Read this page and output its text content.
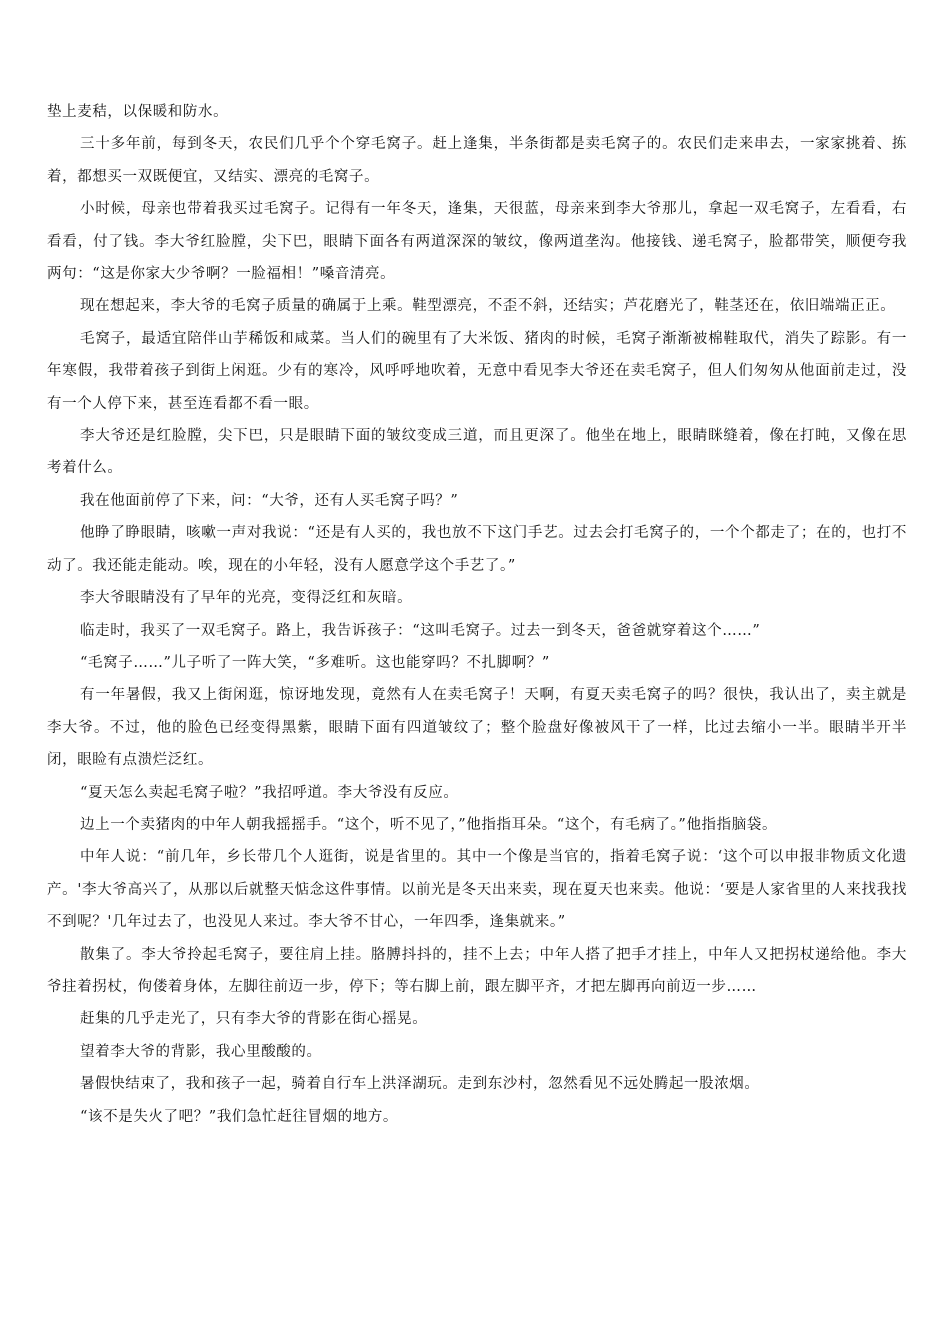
垫上麦秸，以保暖和防水。

三十多年前，每到冬天，农民们几乎个个穿毛窝子。赶上逢集，半条街都是卖毛窝子的。农民们走来串去，一家家挑着、拣着，都想买一双既便宜，又结实、漂亮的毛窝子。

小时候，母亲也带着我买过毛窝子。记得有一年冬天，逢集，天很蓝，母亲来到李大爷那儿，拿起一双毛窝子，左看看，右看看，付了钱。李大爷红脸膛，尖下巴，眼睛下面各有两道深深的皱纹，像两道垄沟。他接钱、递毛窝子，脸都带笑，顺便夸我两句：“这是你家大少爷啊？一脸福相！”嗓音清亮。

现在想起来，李大爷的毛窝子质量的确属于上乘。鞋型漂亮，不歪不斜，还结实；芦花磨光了，鞋茎还在，依旧端端正正。

毛窝子，最适宜陪伴山芋稀饭和咸菜。当人们的碗里有了大米饭、猪肉的时候，毛窝子渐渐被棉鞋取代，消失了踪影。有一年寒假，我带着孩子到街上闲逛。少有的寒冷，风呼呼地吹着，无意中看见李大爷还在卖毛窝子，但人们匆匆从他面前走过，没有一个人停下来，甚至连看都不看一眼。

李大爷还是红脸膛，尖下巴，只是眼睛下面的皱纹变成三道，而且更深了。他坐在地上，眼睛眯缝着，像在打盹，又像在思考着什么。

我在他面前停了下来，问：“大爷，还有人买毛窝子吗？”

他睁了睁眼睛，咳嗽一声对我说：“还是有人买的，我也放不下这门手艺。过去会打毛窝子的，一个个都走了；在的，也打不动了。我还能走能动。唉，现在的小年轻，没有人愿意学这个手艺了。”

李大爷眼睛没有了早年的光亮，变得泛红和灰暗。

临走时，我买了一双毛窝子。路上，我告诉孩子：“这叫毛窝子。过去一到冬天，爸爸就穿着这个……”

“毛窝子……”儿子听了一阵大笑，“多难听。这也能穿吗？不扎脚啊？”

有一年暑假，我又上街闲逛，惊讶地发现，竟然有人在卖毛窝子！天啊，有夏天卖毛窝子的吗？很快，我认出了，卖主就是李大爷。不过，他的脸色已经变得黑紫，眼睛下面有四道皱纹了；整个脸盘好像被风干了一样，比过去缩小一半。眼睛半开半闭，眼睑有点溃烂泛红。

“夏天怎么卖起毛窝子啦？”我招呼道。李大爷没有反应。

边上一个卖猪肉的中年人朝我摇摇手。“这个，听不见了，”他指指耳朵。“这个，有毛病了。”他指指脑袋。

中年人说：“前几年，乡长带几个人逛街，说是省里的。其中一个像是当官的，指着毛窝子说：‘这个可以申报非物质文化遗产。'李大爷高兴了，从那以后就整天惦念这件事情。以前光是冬天出来卖，现在夏天也来卖。他说：‘要是人家省里的人来找我找不到呢？'几年过去了，也没见人来过。李大爷不甘心，一年四季，逢集就来。”

散集了。李大爷拎起毛窝子，要往肩上挂。胳膊抖抖的，挂不上去；中年人搭了把手才挂上，中年人又把拐杖递给他。李大爷拄着拐杖，佝偻着身体，左脚往前迈一步，停下；等右脚上前，跟左脚平齐，才把左脚再向前迈一步……

赶集的几乎走光了，只有李大爷的背影在街心摇晃。

望着李大爷的背影，我心里酸酸的。

暑假快结束了，我和孩子一起，骑着自行车上洪泽湖玩。走到东沙村，忽然看见不远处腾起一股浓烟。

“该不是失火了吧？”我们急忙赶往冒烟的地方。
